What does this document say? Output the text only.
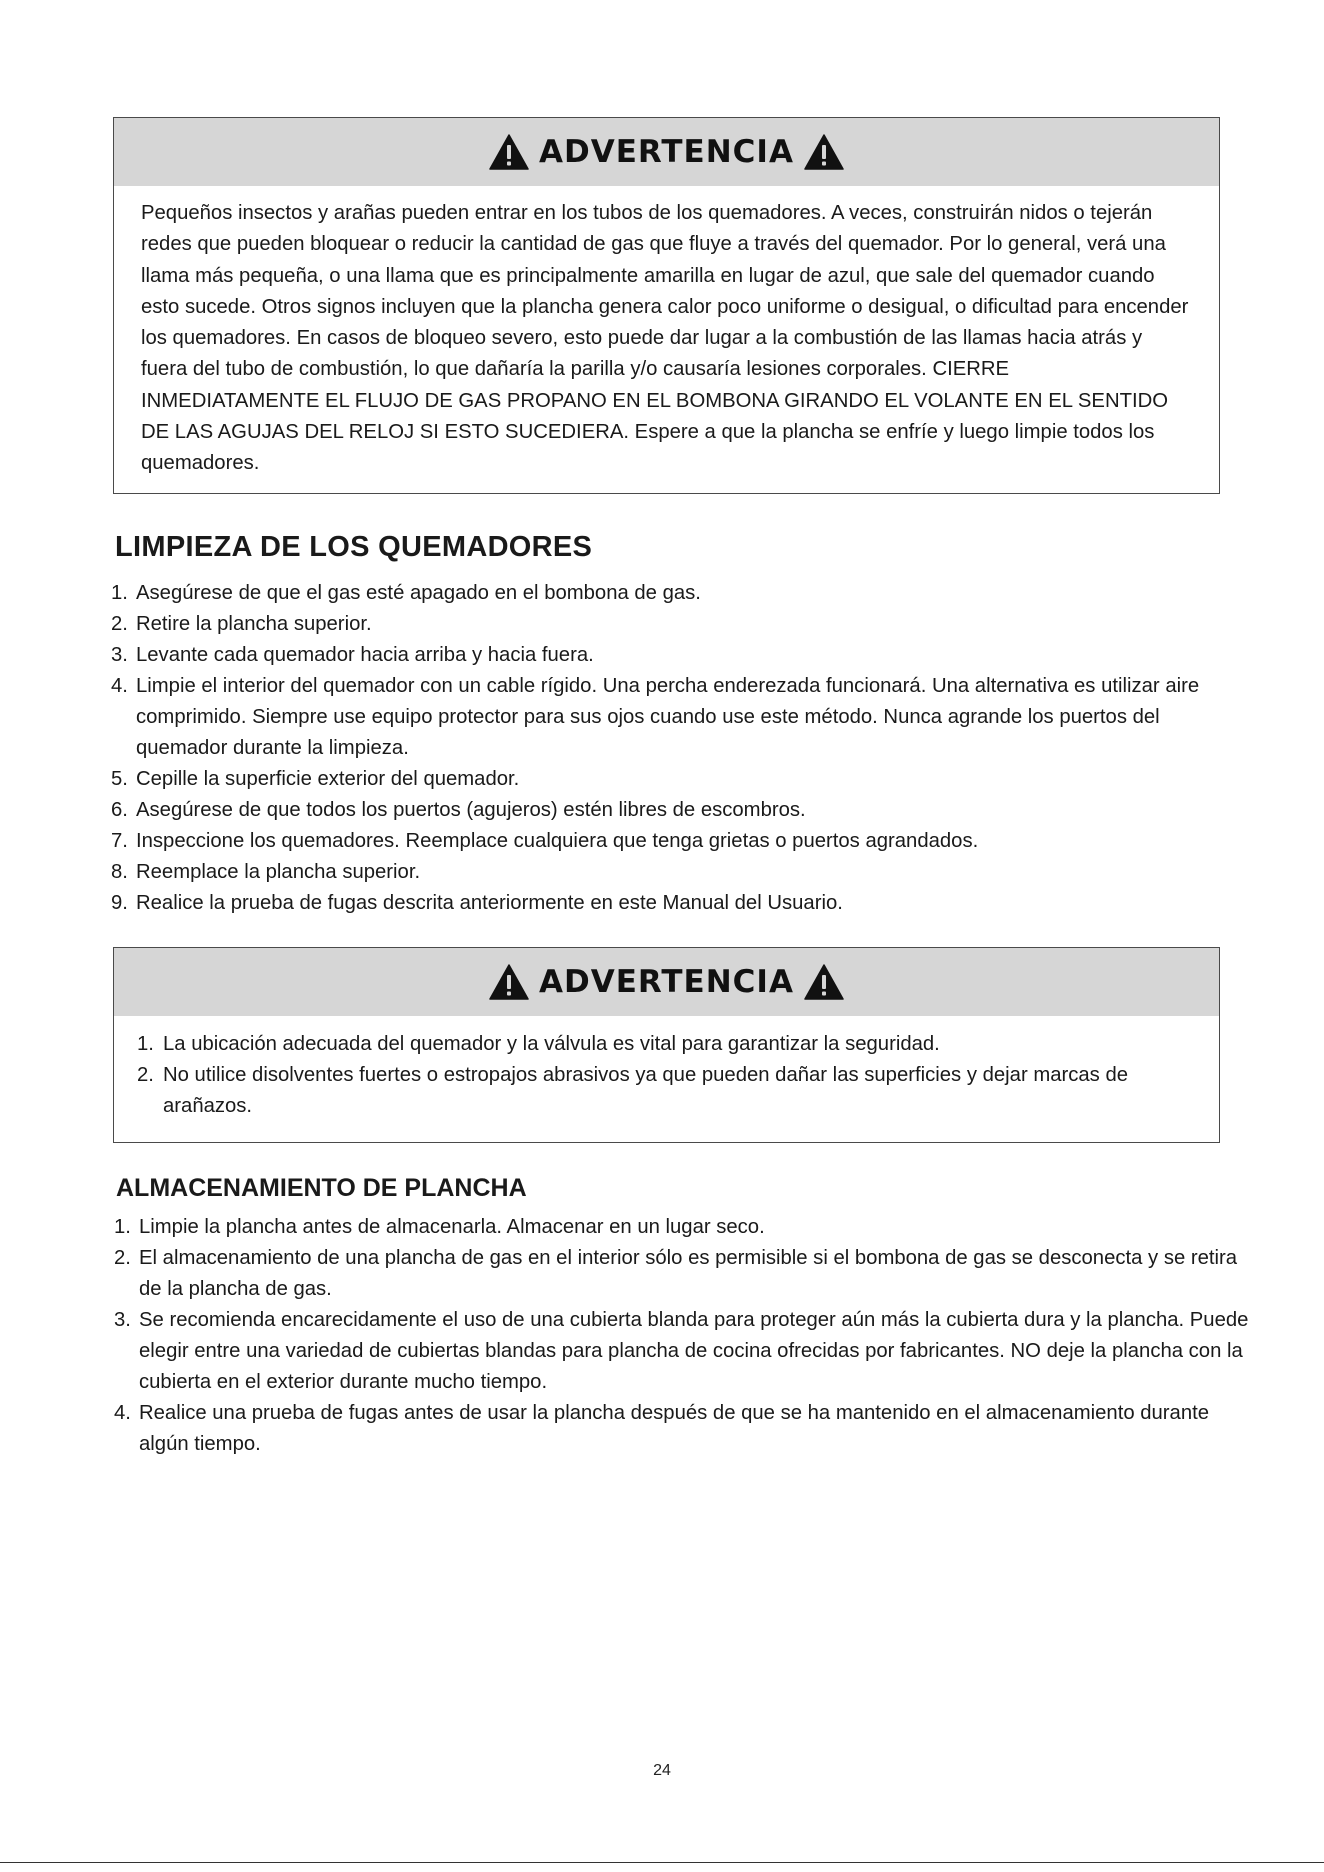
ADVERTENCIA
Pequeños insectos y arañas pueden entrar en los tubos de los quemadores. A veces, construirán nidos o tejerán redes que pueden bloquear o reducir la cantidad de gas que fluye a través del quemador. Por lo general, verá una llama más pequeña, o una llama que es principalmente amarilla en lugar de azul, que sale del quemador cuando esto sucede. Otros signos incluyen que la plancha genera calor poco uniforme o desigual, o dificultad para encender los quemadores. En casos de bloqueo severo, esto puede dar lugar a la combustión de las llamas hacia atrás y fuera del tubo de combustión, lo que dañaría la parilla y/o causaría lesiones corporales. CIERRE INMEDIATAMENTE EL FLUJO DE GAS PROPANO EN EL BOMBONA GIRANDO EL VOLANTE EN EL SENTIDO DE LAS AGUJAS DEL RELOJ SI ESTO SUCEDIERA. Espere a que la plancha se enfríe y luego limpie todos los quemadores.
LIMPIEZA DE LOS QUEMADORES
1. Asegúrese de que el gas esté apagado en el bombona de gas.
2. Retire la plancha superior.
3. Levante cada quemador hacia arriba y hacia fuera.
4. Limpie el interior del quemador con un cable rígido. Una percha enderezada funcionará. Una alternativa es utilizar aire comprimido. Siempre use equipo protector para sus ojos cuando use este método. Nunca agrande los puertos del quemador durante la limpieza.
5. Cepille la superficie exterior del quemador.
6. Asegúrese de que todos los puertos (agujeros) estén libres de escombros.
7. Inspeccione los quemadores. Reemplace cualquiera que tenga grietas o puertos agrandados.
8. Reemplace la plancha superior.
9. Realice la prueba de fugas descrita anteriormente en este Manual del Usuario.
ADVERTENCIA
1. La ubicación adecuada del quemador y la válvula es vital para garantizar la seguridad.
2. No utilice disolventes fuertes o estropajos abrasivos ya que pueden dañar las superficies y dejar marcas de arañazos.
ALMACENAMIENTO DE PLANCHA
1. Limpie la plancha antes de almacenarla. Almacenar en un lugar seco.
2. El almacenamiento de una plancha de gas en el interior sólo es permisible si el bombona de gas se desconecta y se retira de la plancha de gas.
3. Se recomienda encarecidamente el uso de una cubierta blanda para proteger aún más la cubierta dura y la plancha. Puede elegir entre una variedad de cubiertas blandas para plancha de cocina ofrecidas por fabricantes. NO deje la plancha con la cubierta en el exterior durante mucho tiempo.
4. Realice una prueba de fugas antes de usar la plancha después de que se ha mantenido en el almacenamiento durante algún tiempo.
24
